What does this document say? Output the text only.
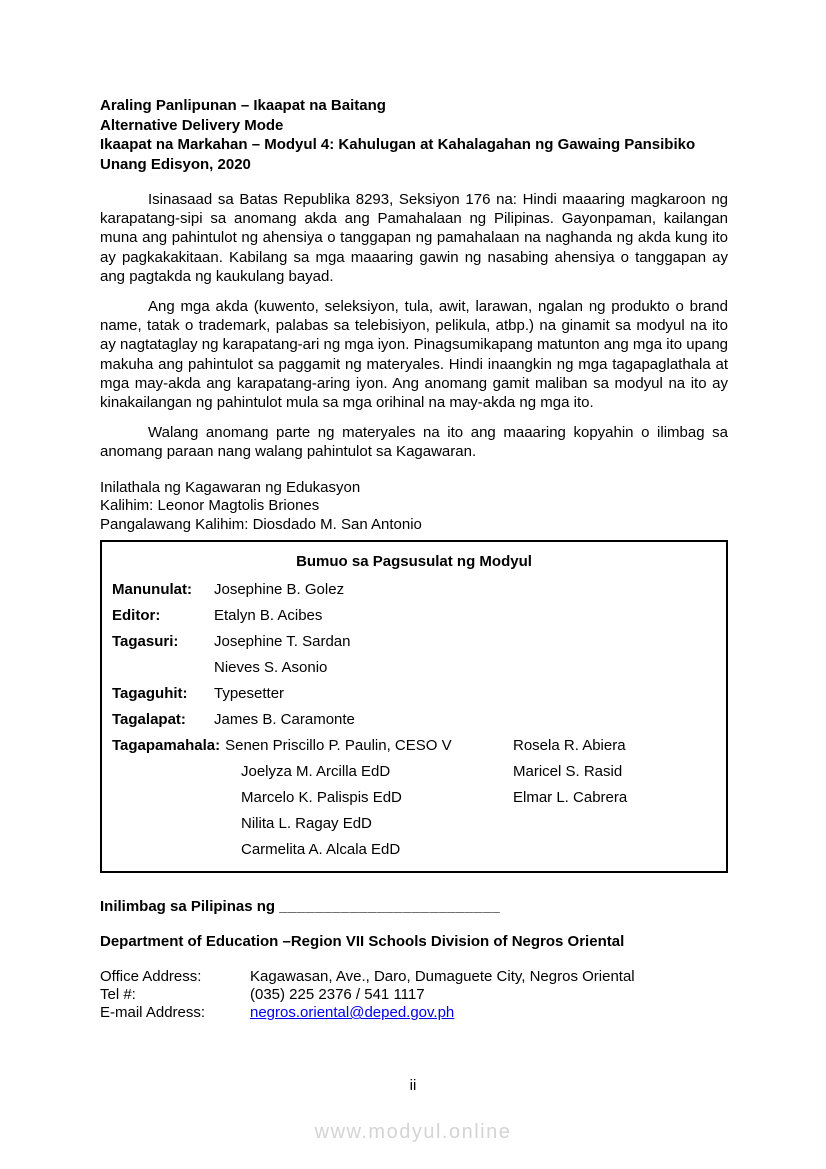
Araling Panlipunan – Ikaapat na Baitang
Alternative Delivery Mode
Ikaapat na Markahan – Modyul 4: Kahulugan at Kahalagahan ng Gawaing Pansibiko
Unang Edisyon, 2020

Isinasaad sa Batas Republika 8293, Seksiyon 176 na: Hindi maaaring magkaroon ng karapatang-sipi sa anomang akda ang Pamahalaan ng Pilipinas. Gayonpaman, kailangan muna ang pahintulot ng ahensiya o tanggapan ng pamahalaan na naghanda ng akda kung ito ay pagkakakitaan. Kabilang sa mga maaaring gawin ng nasabing ahensiya o tanggapan ay ang pagtakda ng kaukulang bayad.

Ang mga akda (kuwento, seleksiyon, tula, awit, larawan, ngalan ng produkto o brand name, tatak o trademark, palabas sa telebisiyon, pelikula, atbp.) na ginamit sa modyul na ito ay nagtataglay ng karapatang-ari ng mga iyon. Pinagsumikapang matunton ang mga ito upang makuha ang pahintulot sa paggamit ng materyales. Hindi inaangkin ng mga tagapaglathala at mga may-akda ang karapatang-aring iyon. Ang anomang gamit maliban sa modyul na ito ay kinakailangan ng pahintulot mula sa mga orihinal na may-akda ng mga ito.

Walang anomang parte ng materyales na ito ang maaaring kopyahin o ilimbag sa anomang paraan nang walang pahintulot sa Kagawaran.

Inilathala ng Kagawaran ng Edukasyon
Kalihim: Leonor Magtolis Briones
Pangalawang Kalihim: Diosdado M. San Antonio
Bumuo sa Pagsusulat ng Modyul
Manunulat:	Josephine B. Golez
Editor:	Etalyn B. Acibes
Tagasuri:	Josephine T. Sardan
Nieves S. Asonio
Tagaguhit:	Typesetter
Tagalapat:	James B. Caramonte
Tagapamahala: Senen Priscillo P. Paulin, CESO V	Rosela R. Abiera
Joelyza M. Arcilla EdD	Maricel S. Rasid
Marcelo K. Palispis EdD	Elmar L. Cabrera
Nilita L. Ragay EdD
Carmelita A. Alcala EdD
Inilimbag sa Pilipinas ng _________________________
Department of Education –Region VII Schools Division of Negros Oriental
Office Address:	Kagawasan, Ave., Daro, Dumaguete City, Negros Oriental
Tel #:	(035) 225 2376 / 541 1117
E-mail Address:	negros.oriental@deped.gov.ph
ii
www.modyul.online
